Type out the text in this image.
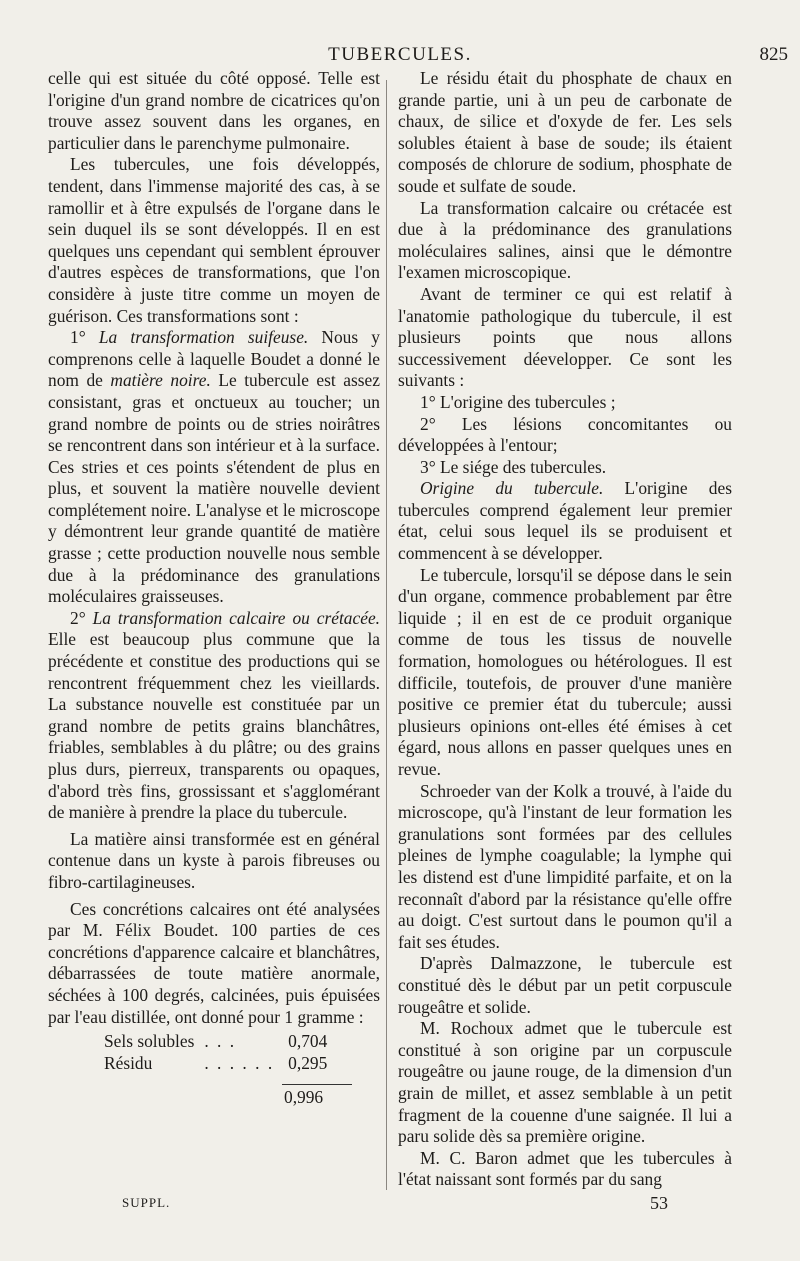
TUBERCULES.	825

celle qui est située du côté opposé. Telle est l'origine d'un grand nombre de cicatrices qu'on trouve assez souvent dans les organes, en particulier dans le parenchyme pulmonaire.

Les tubercules, une fois développés, tendent, dans l'immense majorité des cas, à se ramollir et à être expulsés de l'organe dans le sein duquel ils se sont développés. Il en est quelques uns cependant qui semblent éprouver d'autres espèces de transformations, que l'on considère à juste titre comme un moyen de guérison. Ces transformations sont :

1° La transformation suifeuse. Nous y comprenons celle à laquelle Boudet a donné le nom de matière noire. Le tubercule est assez consistant, gras et onctueux au toucher; un grand nombre de points ou de stries noirâtres se rencontrent dans son intérieur et à la surface. Ces stries et ces points s'étendent de plus en plus, et souvent la matière nouvelle devient complétement noire. L'analyse et le microscope y démontrent leur grande quantité de matière grasse ; cette production nouvelle nous semble due à la prédominance des granulations moléculaires graisseuses.

2° La transformation calcaire ou crétacée. Elle est beaucoup plus commune que la précédente et constitue des productions qui se rencontrent fréquemment chez les vieillards. La substance nouvelle est constituée par un grand nombre de petits grains blanchâtres, friables, semblables à du plâtre; ou des grains plus durs, pierreux, transparents ou opaques, d'abord très fins, grossissant et s'agglomérant de manière à prendre la place du tubercule.

La matière ainsi transformée est en général contenue dans un kyste à parois fibreuses ou fibro-cartilagineuses.

Ces concrétions calcaires ont été analysées par M. Félix Boudet. 100 parties de ces concrétions d'apparence calcaire et blanchâtres, débarrassées de toute matière anormale, séchées à 100 degrés, calcinées, puis épuisées par l'eau distillée, ont donné pour 1 gramme :

Sels solubles	. . .	0,704
Résidu	. . . . . .	0,295
0,996

Le résidu était du phosphate de chaux en grande partie, uni à un peu de carbonate de chaux, de silice et d'oxyde de fer. Les sels solubles étaient à base de soude; ils étaient composés de chlorure de sodium, phosphate de soude et sulfate de soude.

La transformation calcaire ou crétacée est due à la prédominance des granulations moléculaires salines, ainsi que le démontre l'examen microscopique.

Avant de terminer ce qui est relatif à l'anatomie pathologique du tubercule, il est plusieurs points que nous allons successivement déevelopper. Ce sont les suivants :

1° L'origine des tubercules ;

2° Les lésions concomitantes ou développées à l'entour;

3° Le siége des tubercules.

Origine du tubercule. L'origine des tubercules comprend également leur premier état, celui sous lequel ils se produisent et commencent à se développer.

Le tubercule, lorsqu'il se dépose dans le sein d'un organe, commence probablement par être liquide ; il en est de ce produit organique comme de tous les tissus de nouvelle formation, homologues ou hétérologues. Il est difficile, toutefois, de prouver d'une manière positive ce premier état du tubercule; aussi plusieurs opinions ont-elles été émises à cet égard, nous allons en passer quelques unes en revue.

Schroeder van der Kolk a trouvé, à l'aide du microscope, qu'à l'instant de leur formation les granulations sont formées par des cellules pleines de lymphe coagulable; la lymphe qui les distend est d'une limpidité parfaite, et on la reconnaît d'abord par la résistance qu'elle offre au doigt. C'est surtout dans le poumon qu'il a fait ses études.

D'après Dalmazzone, le tubercule est constitué dès le début par un petit corpuscule rougeâtre et solide.

M. Rochoux admet que le tubercule est constitué à son origine par un corpuscule rougeâtre ou jaune rouge, de la dimension d'un grain de millet, et assez semblable à un petit fragment de la couenne d'une saignée. Il lui a paru solide dès sa première origine.

M. C. Baron admet que les tubercules à l'état naissant sont formés par du sang

SUPPL.	53
